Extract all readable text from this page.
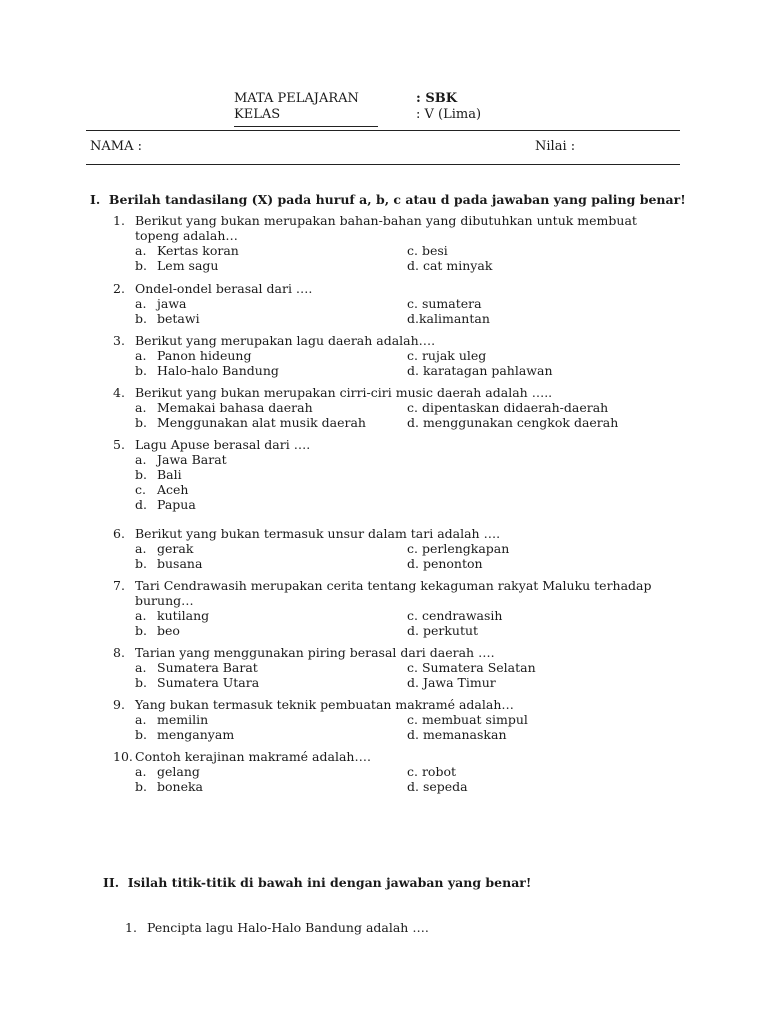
MATA PELAJARAN	: SBK
KELAS	: V (Lima)
NAMA :	Nilai :
I. Berilah tandasilang (X) pada huruf a, b, c atau d pada jawaban yang paling benar!
1. Berikut yang bukan merupakan bahan-bahan yang dibutuhkan untuk membuat topeng adalah…
a. Kertas koran	c. besi
b. Lem sagu	d. cat minyak
2. Ondel-ondel berasal dari ….
a. jawa	c. sumatera
b. betawi	d.kalimantan
3. Berikut yang merupakan lagu daerah adalah….
a. Panon hideung	c. rujak uleg
b. Halo-halo Bandung	d. karatagan pahlawan
4. Berikut yang bukan merupakan cirri-ciri music daerah adalah …..
a. Memakai bahasa daerah	c. dipentaskan didaerah-daerah
b. Menggunakan alat musik daerah	d. menggunakan cengkok daerah
5. Lagu Apuse berasal dari ….
a. Jawa Barat
b. Bali
c. Aceh
d. Papua
6. Berikut yang bukan termasuk unsur dalam tari adalah ….
a. gerak	c. perlengkapan
b. busana	d. penonton
7. Tari Cendrawasih merupakan cerita tentang kekaguman rakyat Maluku terhadap burung…
a. kutilang	c. cendrawasih
b. beo	d. perkutut
8. Tarian yang menggunakan piring berasal dari daerah ….
a. Sumatera Barat	c. Sumatera Selatan
b. Sumatera Utara	d. Jawa Timur
9. Yang bukan termasuk teknik pembuatan makramé adalah…
a. memilin	c. membuat simpul
b. menganyam	d. memanaskan
10. Contoh kerajinan makramé adalah….
a. gelang	c. robot
b. boneka	d. sepeda
II. Isilah titik-titik di bawah ini dengan jawaban yang benar!
1. Pencipta lagu Halo-Halo Bandung adalah ….
